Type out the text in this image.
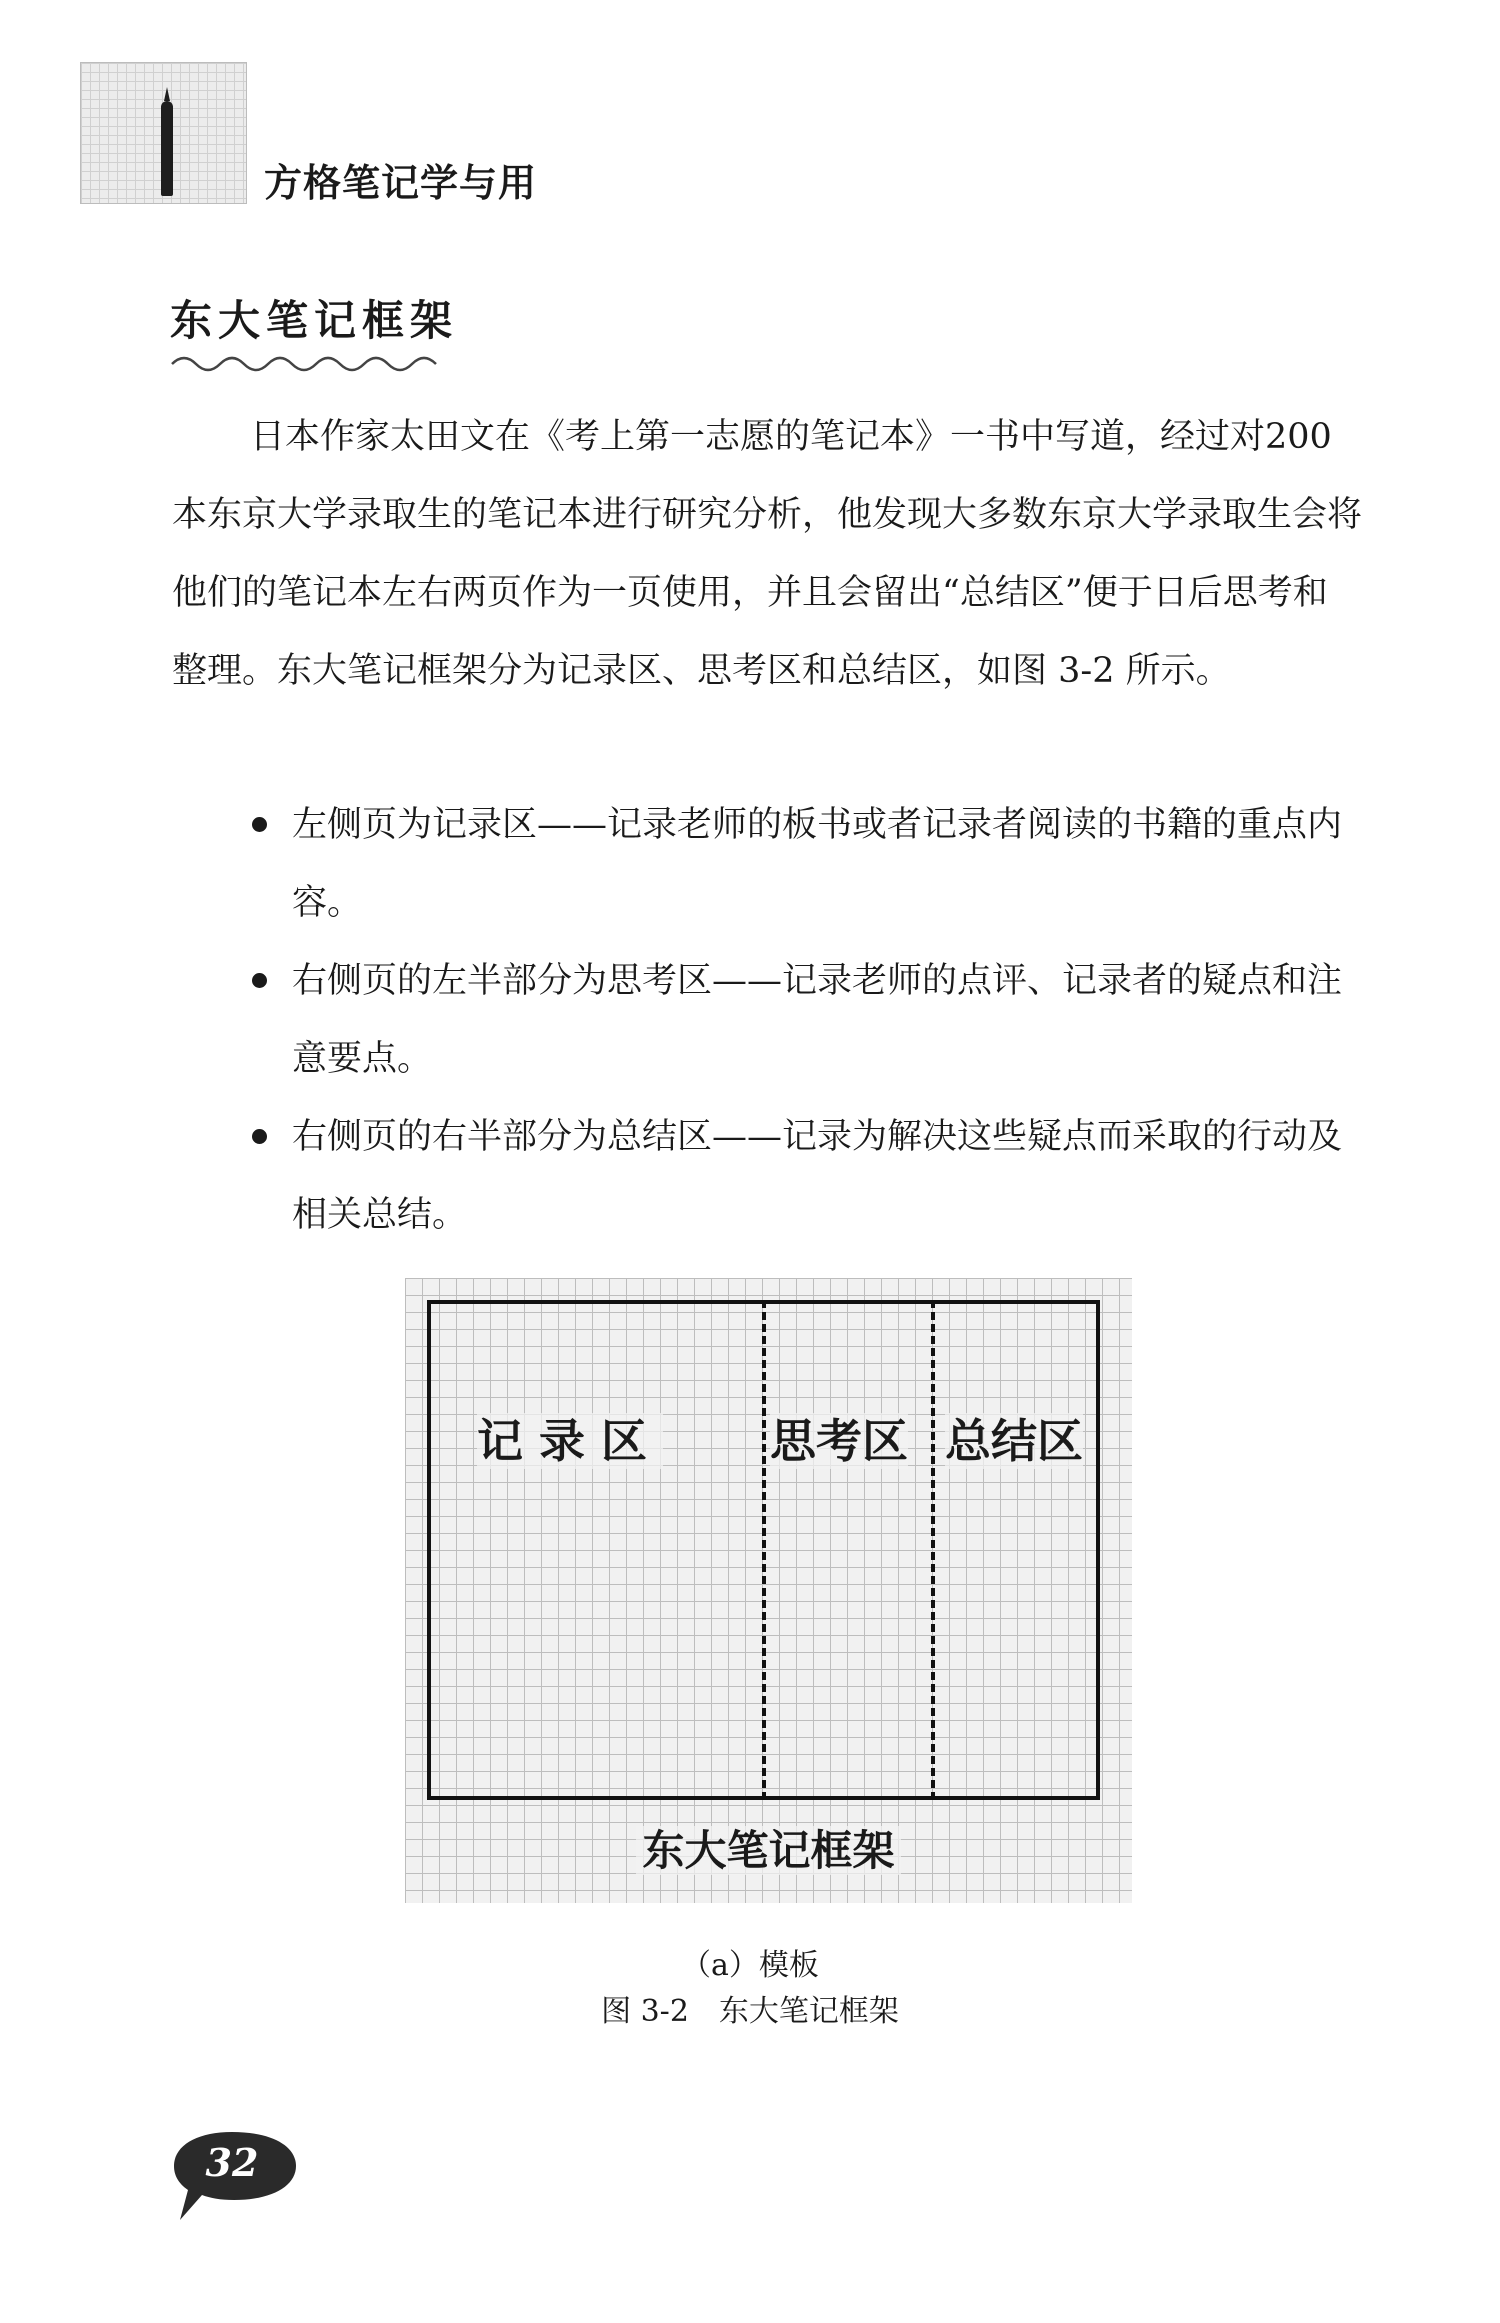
方格笔记学与用
东大笔记框架

日本作家太田文在《考上第一志愿的笔记本》一书中写道，经过对200 本东京大学录取生的笔记本进行研究分析，他发现大多数东京大学录取生会将他们的笔记本左右两页作为一页使用，并且会留出“总结区”便于日后思考和整理。东大笔记框架分为记录区、思考区和总结区，如图 3-2 所示。

左侧页为记录区——记录老师的板书或者记录者阅读的书籍的重点内容。
右侧页的左半部分为思考区——记录老师的点评、记录者的疑点和注意要点。
右侧页的右半部分为总结区——记录为解决这些疑点而采取的行动及相关总结。
记录区 思考区 总结区
东大笔记框架
（a）模板
图 3-2　东大笔记框架
32
